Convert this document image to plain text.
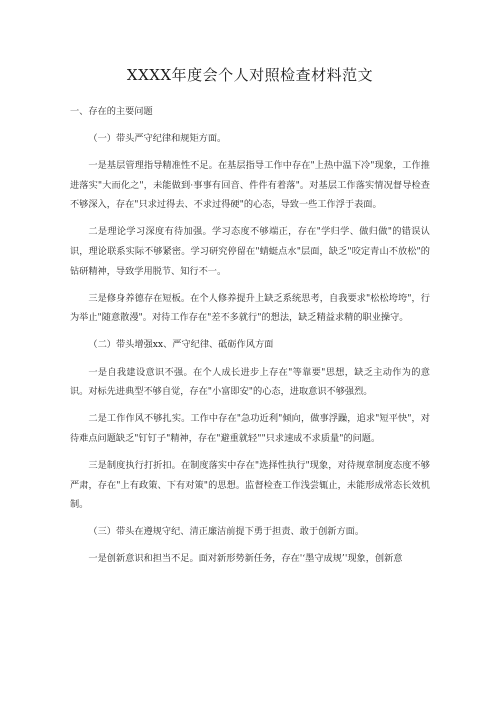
XXXX年度会个人对照检查材料范文

一、存在的主要问题

（一）带头严守纪律和规矩方面。

一是基层管理指导精准性不足。在基层指导工作中存在"上热中温下冷"现象，工作推进落实"大而化之"，未能做到·事事有回音、件件有着落"。对基层工作落实情况督导检查不够深入，存在"只求过得去、不求过得硬"的心态，导致一些工作浮于表面。

二是理论学习深度有待加强。学习态度不够端正，存在"学归学、做归做"的错误认识，理论联系实际不够紧密。学习研究停留在"蜻蜓点水"层面，缺乏"咬定青山不放松"的钻研精神，导致学用脱节、知行不一。

三是修身养德存在短板。在个人修养提升上缺乏系统思考，自我要求"松松垮垮"，行为举止"随意散漫"。对待工作存在"差不多就行"的想法，缺乏精益求精的职业操守。

（二）带头增强xx、严守纪律、砥砺作风方面

一是自我建设意识不强。在个人成长进步上存在"等靠要"思想，缺乏主动作为的意识。对标先进典型不够自觉，存在"小富即安"的心态，进取意识不够强烈。

二是工作作风不够扎实。工作中存在"急功近利"倾向，做事浮躁，追求"短平快"，对待难点问题缺乏"钉钉子"精神，存在"避重就轻""只求速成不求质量"的问题。

三是制度执行打折扣。在制度落实中存在"选择性执行"现象，对待规章制度态度不够严肃，存在"上有政策、下有对策"的思想。监督检查工作浅尝辄止，未能形成常态长效机制。

（三）带头在遵规守纪、清正廉洁前提下勇于担责、敢于创新方面。

一是创新意识和担当不足。面对新形势新任务，存在'‘墨守成规’'现象，创新意
